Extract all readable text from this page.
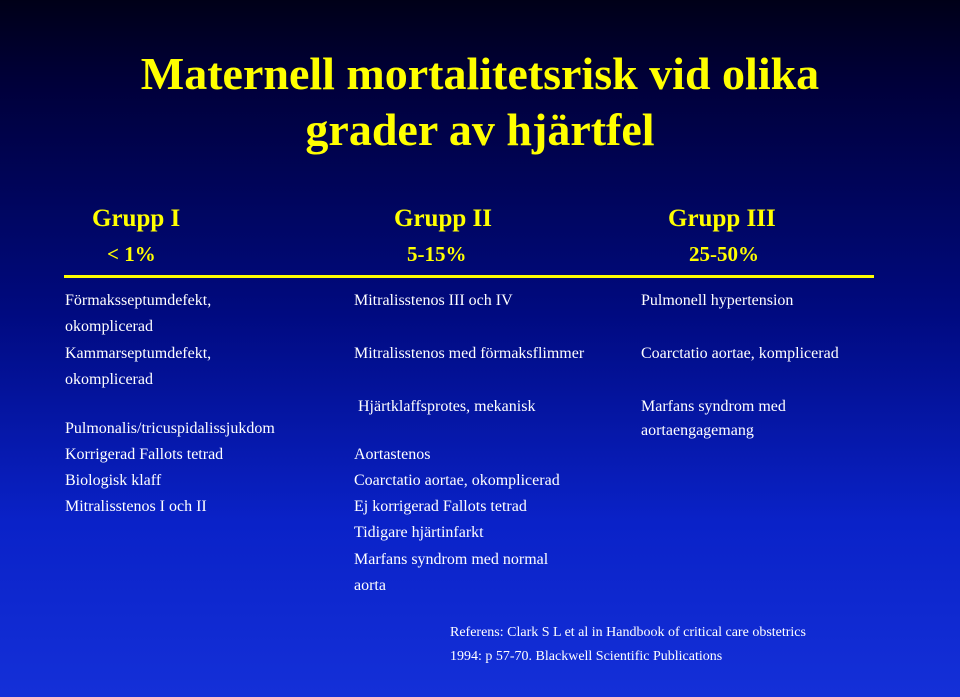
Maternell mortalitetsrisk vid olika
grader av hjärtfel
Grupp I
< 1%
Grupp II
5-15%
Grupp III
25-50%
Förmaksseptumdefekt,
okomplicerad
Kammarseptumdefekt,
okomplicerad
Pulmonalis/tricuspidalissjukdom
Korrigerad Fallots tetrad
Biologisk klaff
Mitralisstenos I och II
Mitralisstenos III och IV
Mitralisstenos med förmaksflimmer
Hjärtklaffsprotes, mekanisk
Aortastenos
Coarctatio aortae, okomplicerad
Ej korrigerad Fallots tetrad
Tidigare hjärtinfarkt
Marfans syndrom med normal
aorta
Pulmonell hypertension
Coarctatio aortae, komplicerad
Marfans syndrom med
aortaengagemang
Referens: Clark S L et al in Handbook of critical care obstetrics
1994: p 57-70. Blackwell Scientific Publications
